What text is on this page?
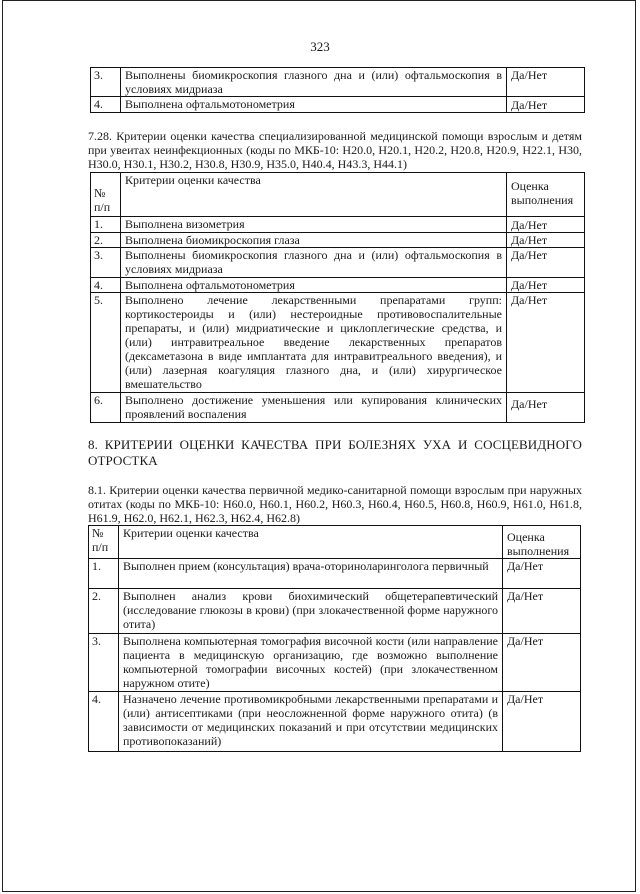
323
3.	Выполнены биомикроскопия глазного дна и (или) офтальмоскопия в условиях мидриаза	Да/Нет
4.	Выполнена офтальмотонометрия	Да/Нет
7.28. Критерии оценки качества специализированной медицинской помощи взрослым и детям при увеитах неинфекционных (коды по МКБ-10: H20.0, H20.1, H20.2, H20.8, H20.9, H22.1, H30, H30.0, H30.1, H30.2, H30.8, H30.9, H35.0, H40.4, H43.3, H44.1)
№ п/п	Критерии оценки качества	Оценка выполнения
1.	Выполнена визометрия	Да/Нет
2.	Выполнена биомикроскопия глаза	Да/Нет
3.	Выполнены биомикроскопия глазного дна и (или) офтальмоскопия в условиях мидриаза	Да/Нет
4.	Выполнена офтальмотонометрия	Да/Нет
5.	Выполнено лечение лекарственными препаратами групп: кортикостероиды и (или) нестероидные противовоспалительные препараты, и (или) мидриатические и циклоплегические средства, и (или) интравитреальное введение лекарственных препаратов (дексаметазона в виде имплантата для интравитреального введения), и (или) лазерная коагуляция глазного дна, и (или) хирургическое вмешательство	Да/Нет
6.	Выполнено достижение уменьшения или купирования клинических проявлений воспаления	Да/Нет
8. КРИТЕРИИ ОЦЕНКИ КАЧЕСТВА ПРИ БОЛЕЗНЯХ УХА И СОСЦЕВИДНОГО ОТРОСТКА
8.1. Критерии оценки качества первичной медико-санитарной помощи взрослым при наружных отитах (коды по МКБ-10: H60.0, H60.1, H60.2, H60.3, H60.4, H60.5, H60.8, H60.9, H61.0, H61.8, H61.9, H62.0, H62.1, H62.3, H62.4, H62.8)
№ п/п	Критерии оценки качества	Оценка выполнения
1.	Выполнен прием (консультация) врача-оториноларинголога первичный	Да/Нет
2.	Выполнен анализ крови биохимический общетерапевтический (исследование глюкозы в крови) (при злокачественной форме наружного отита)	Да/Нет
3.	Выполнена компьютерная томография височной кости (или направление пациента в медицинскую организацию, где возможно выполнение компьютерной томографии височных костей) (при злокачественном наружном отите)	Да/Нет
4.	Назначено лечение противомикробными лекарственными препаратами и (или) антисептиками (при неосложненной форме наружного отита) (в зависимости от медицинских показаний и при отсутствии медицинских противопоказаний)	Да/Нет
